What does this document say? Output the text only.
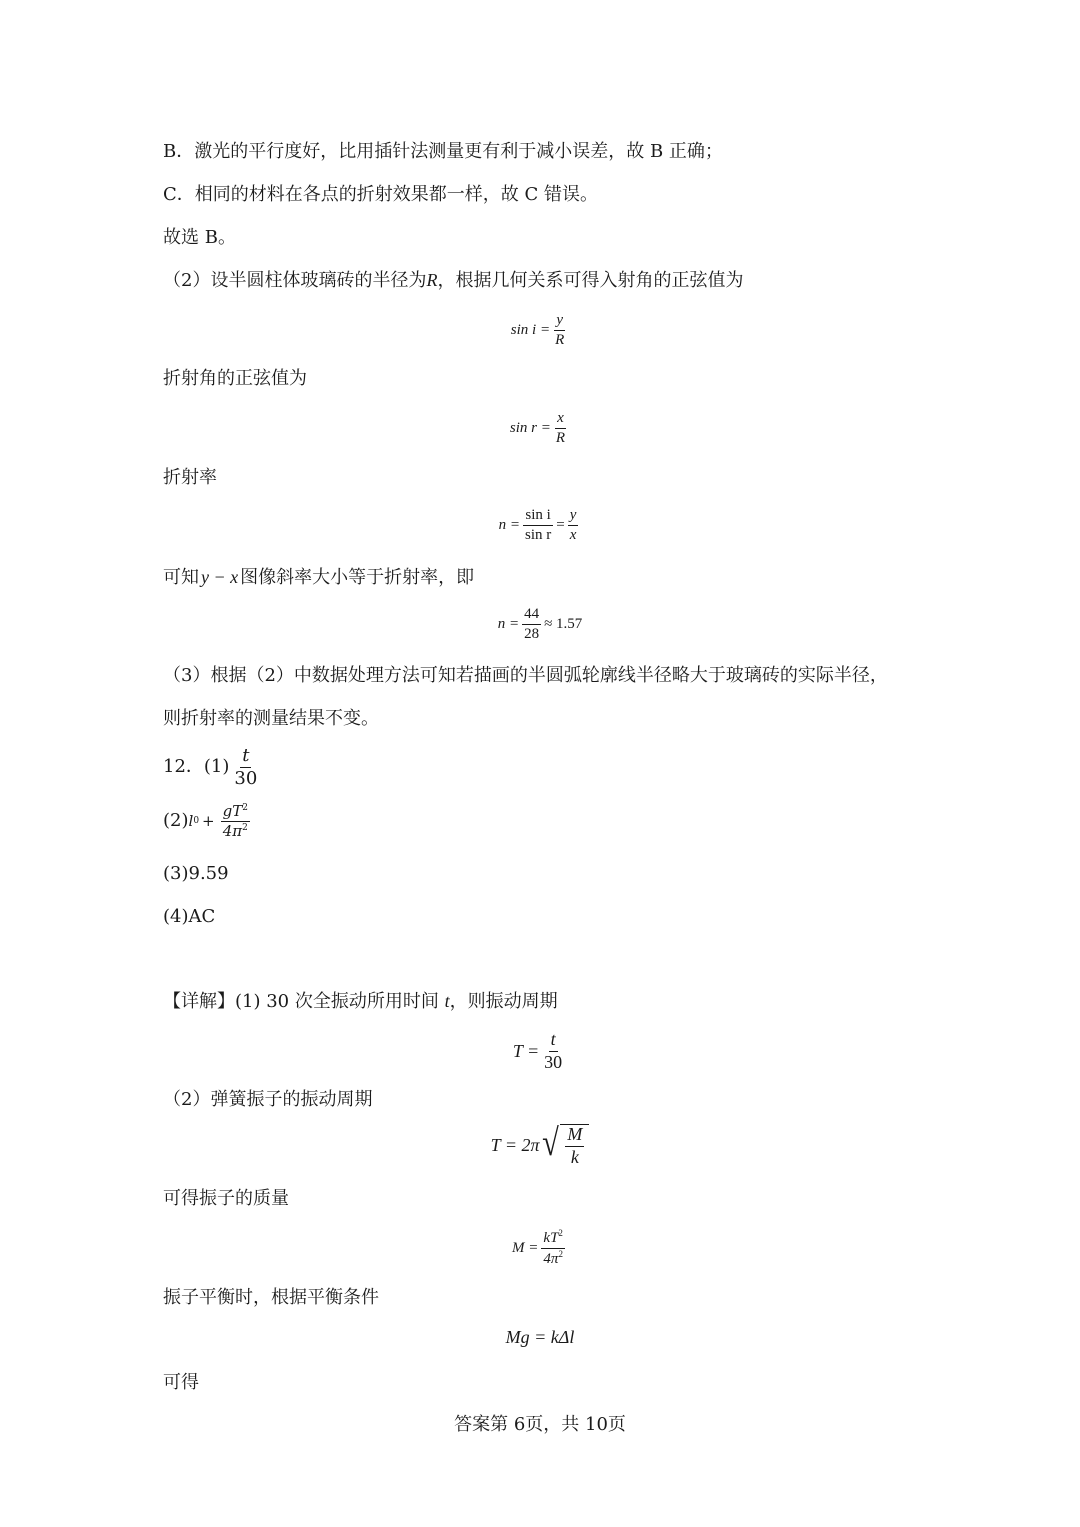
B．激光的平行度好，比用插针法测量更有利于减小误差，故 B 正确；
C．相同的材料在各点的折射效果都一样，故 C 错误。
故选 B。
（2）设半圆柱体玻璃砖的半径为R，根据几何关系可得入射角的正弦值为
$\sin i = \frac{y}{R}$
折射角的正弦值为
$\sin r = \frac{x}{R}$
折射率
$n = \frac{\text{sin i}}{\text{sin r}} = \frac{y}{x}$
可知 y − x 图像斜率大小等于折射率，即
$n = \frac{44}{28} \approx 1.57$
（3）根据（2）中数据处理方法可知若描画的半圆弧轮廓线半径略大于玻璃砖的实际半径，
则折射率的测量结果不变。
12．$(1) \frac{t}{30}$
(2) l $0 + \frac{gT^2}{4\pi^2}$
(3)9.59
(4)AC
【详解】(1) 30 次全振动所用时间 t，则振动周期
$T = \frac{t}{30}$
（2）弹簧振子的振动周期
T = 2π √ $\frac{M}{k}$
可得振子的质量
$M = \frac{kT^2}{4\pi^2}$
振子平衡时，根据平衡条件
Mg = kΔl
可得
答案第 6页，共 10页
